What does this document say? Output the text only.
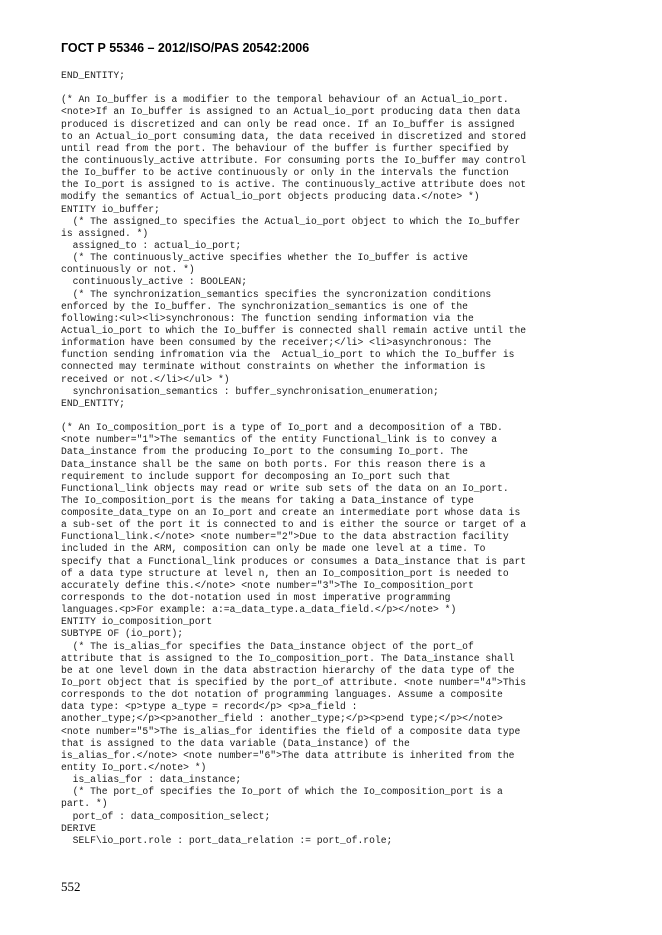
ГОСТ Р 55346 – 2012/ISO/PAS 20542:2006
END_ENTITY;
(* An Io_buffer is a modifier to the temporal behaviour of an Actual_io_port.
<note>If an Io_buffer is assigned to an Actual_io_port producing data then data
produced is discretized and can only be read once. If an Io_buffer is assigned
to an Actual_io_port consuming data, the data received in discretized and stored
until read from the port. The behaviour of the buffer is further specified by
the continuously_active attribute. For consuming ports the Io_buffer may control
the Io_buffer to be active continuously or only in the intervals the function
the Io_port is assigned to is active. The continuously_active attribute does not
modify the semantics of Actual_io_port objects producing data.</note> *)
ENTITY io_buffer;
(* The assigned_to specifies the Actual_io_port object to which the Io_buffer
is assigned. *)
assigned_to : actual_io_port;
(* The continuously_active specifies whether the Io_buffer is active
continuously or not. *)
continuously_active : BOOLEAN;
(* The synchronization_semantics specifies the syncronization conditions
enforced by the Io_buffer. The synchronization_semantics is one of the
following:<ul><li>synchronous: The function sending information via the
Actual_io_port to which the Io_buffer is connected shall remain active until the
information have been consumed by the receiver;</li> <li>asynchronous: The
function sending infromation via the  Actual_io_port to which the Io_buffer is
connected may terminate without constraints on whether the information is
received or not.</li></ul> *)
synchronisation_semantics : buffer_synchronisation_enumeration;
END_ENTITY;
(* An Io_composition_port is a type of Io_port and a decomposition of a TBD.
<note number="1">The semantics of the entity Functional_link is to convey a
Data_instance from the producing Io_port to the consuming Io_port. The
Data_instance shall be the same on both ports. For this reason there is a
requirement to include support for decomposing an Io_port such that
Functional_link objects may read or write sub sets of the data on an Io_port.
The Io_composition_port is the means for taking a Data_instance of type
composite_data_type on an Io_port and create an intermediate port whose data is
a sub-set of the port it is connected to and is either the source or target of a
Functional_link.</note> <note number="2">Due to the data abstraction facility
included in the ARM, composition can only be made one level at a time. To
specify that a Functional_link produces or consumes a Data_instance that is part
of a data type structure at level n, then an Io_composition_port is needed to
accurately define this.</note> <note number="3">The Io_composition_port
corresponds to the dot-notation used in most imperative programming
languages.<p>For example: a:=a_data_type.a_data_field.</p></note> *)
ENTITY io_composition_port
SUBTYPE OF (io_port);
(* The is_alias_for specifies the Data_instance object of the port_of
attribute that is assigned to the Io_composition_port. The Data_instance shall
be at one level down in the data abstraction hierarchy of the data type of the
Io_port object that is specified by the port_of attribute. <note number="4">This
corresponds to the dot notation of programming languages. Assume a composite
data type: <p>type a_type = record</p> <p>a_field :
another_type;</p><p>another_field : another_type;</p><p>end type;</p></note>
<note number="5">The is_alias_for identifies the field of a composite data type
that is assigned to the data variable (Data_instance) of the
is_alias_for.</note> <note number="6">The data attribute is inherited from the
entity Io_port.</note> *)
is_alias_for : data_instance;
(* The port_of specifies the Io_port of which the Io_composition_port is a
part. *)
port_of : data_composition_select;
DERIVE
SELF\io_port.role : port_data_relation := port_of.role;
552
